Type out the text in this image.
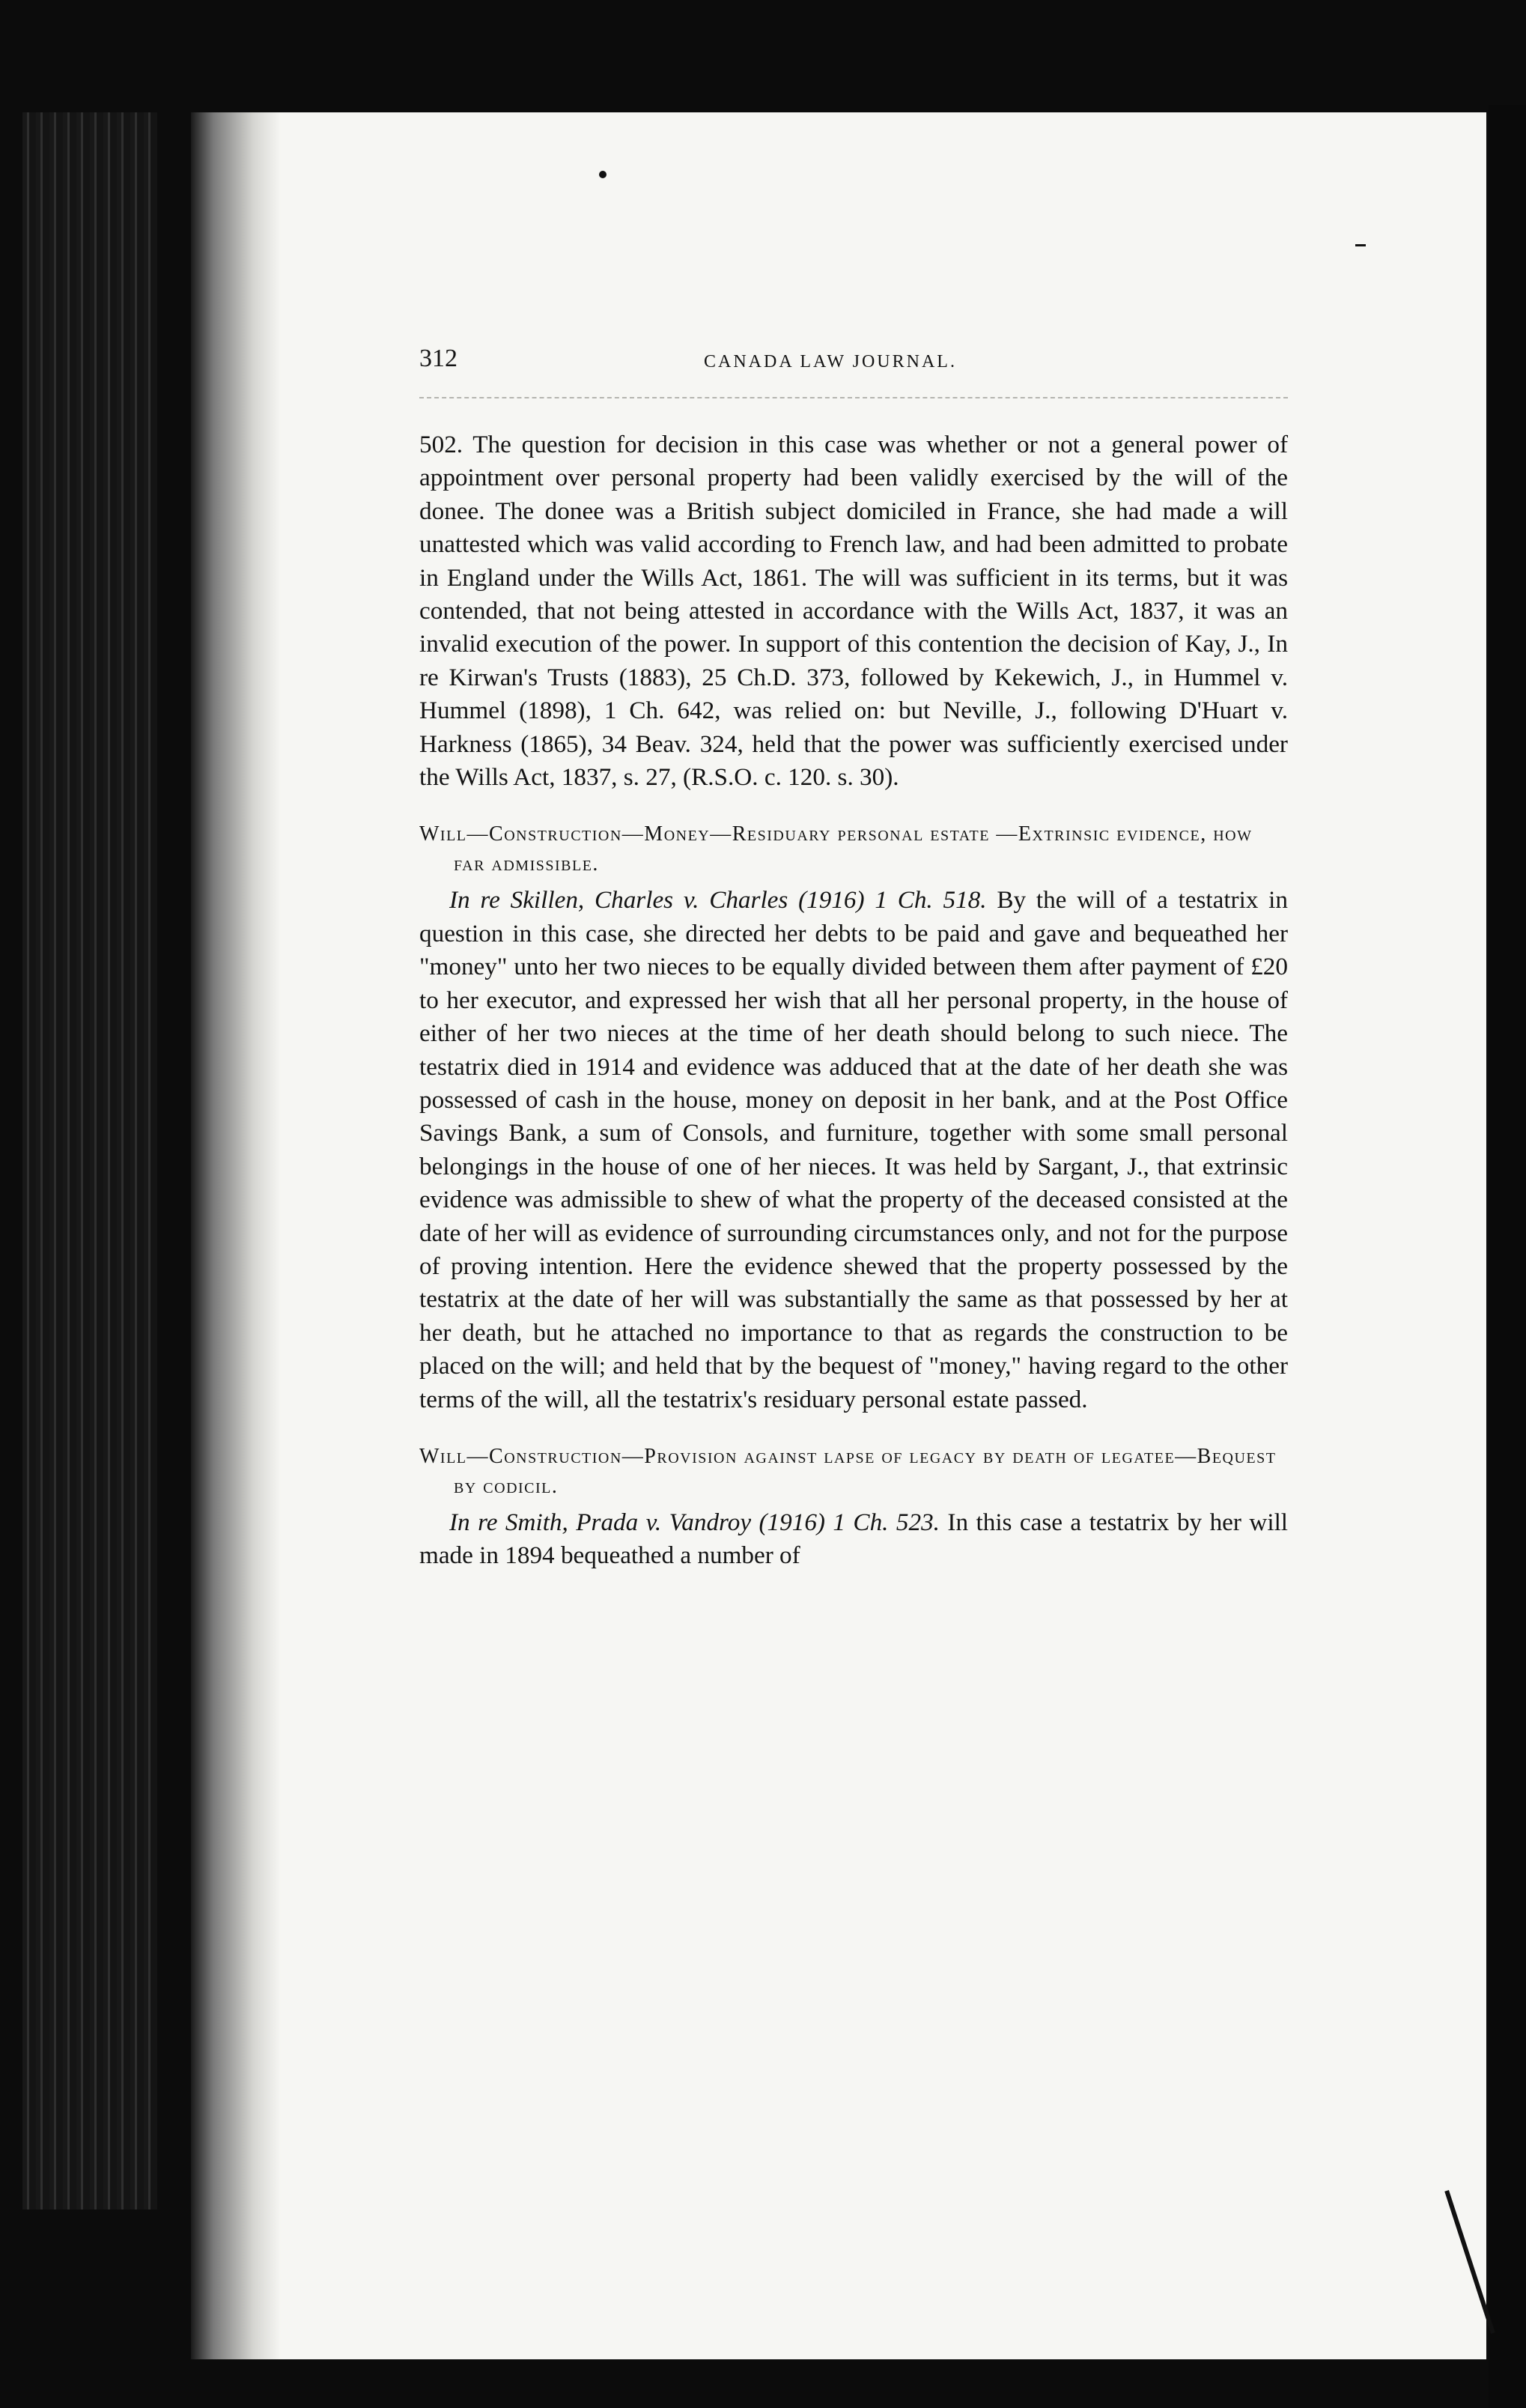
312	CANADA LAW JOURNAL.

502. The question for decision in this case was whether or not a general power of appointment over personal property had been validly exercised by the will of the donee. The donee was a British subject domiciled in France, she had made a will unattested which was valid according to French law, and had been admitted to probate in England under the Wills Act, 1861. The will was sufficient in its terms, but it was contended, that not being attested in accordance with the Wills Act, 1837, it was an invalid execution of the power. In support of this contention the decision of Kay, J., In re Kirwan's Trusts (1883), 25 Ch.D. 373, followed by Kekewich, J., in Hummel v. Hummel (1898), 1 Ch. 642, was relied on: but Neville, J., following D'Huart v. Harkness (1865), 34 Beav. 324, held that the power was sufficiently exercised under the Wills Act, 1837, s. 27, (R.S.O. c. 120. s. 30).

Will—Construction—Money—Residuary personal estate —Extrinsic evidence, how far admissible.

In re Skillen, Charles v. Charles (1916) 1 Ch. 518. By the will of a testatrix in question in this case, she directed her debts to be paid and gave and bequeathed her "money" unto her two nieces to be equally divided between them after payment of £20 to her executor, and expressed her wish that all her personal property, in the house of either of her two nieces at the time of her death should belong to such niece. The testatrix died in 1914 and evidence was adduced that at the date of her death she was possessed of cash in the house, money on deposit in her bank, and at the Post Office Savings Bank, a sum of Consols, and furniture, together with some small personal belongings in the house of one of her nieces. It was held by Sargant, J., that extrinsic evidence was admissible to shew of what the property of the deceased consisted at the date of her will as evidence of surrounding circumstances only, and not for the purpose of proving intention. Here the evidence shewed that the property possessed by the testatrix at the date of her will was substantially the same as that possessed by her at her death, but he attached no importance to that as regards the construction to be placed on the will; and held that by the bequest of "money," having regard to the other terms of the will, all the testatrix's residuary personal estate passed.

Will—Construction—Provision against lapse of legacy by death of legatee—Bequest by codicil.

In re Smith, Prada v. Vandroy (1916) 1 Ch. 523. In this case a testatrix by her will made in 1894 bequeathed a number of
